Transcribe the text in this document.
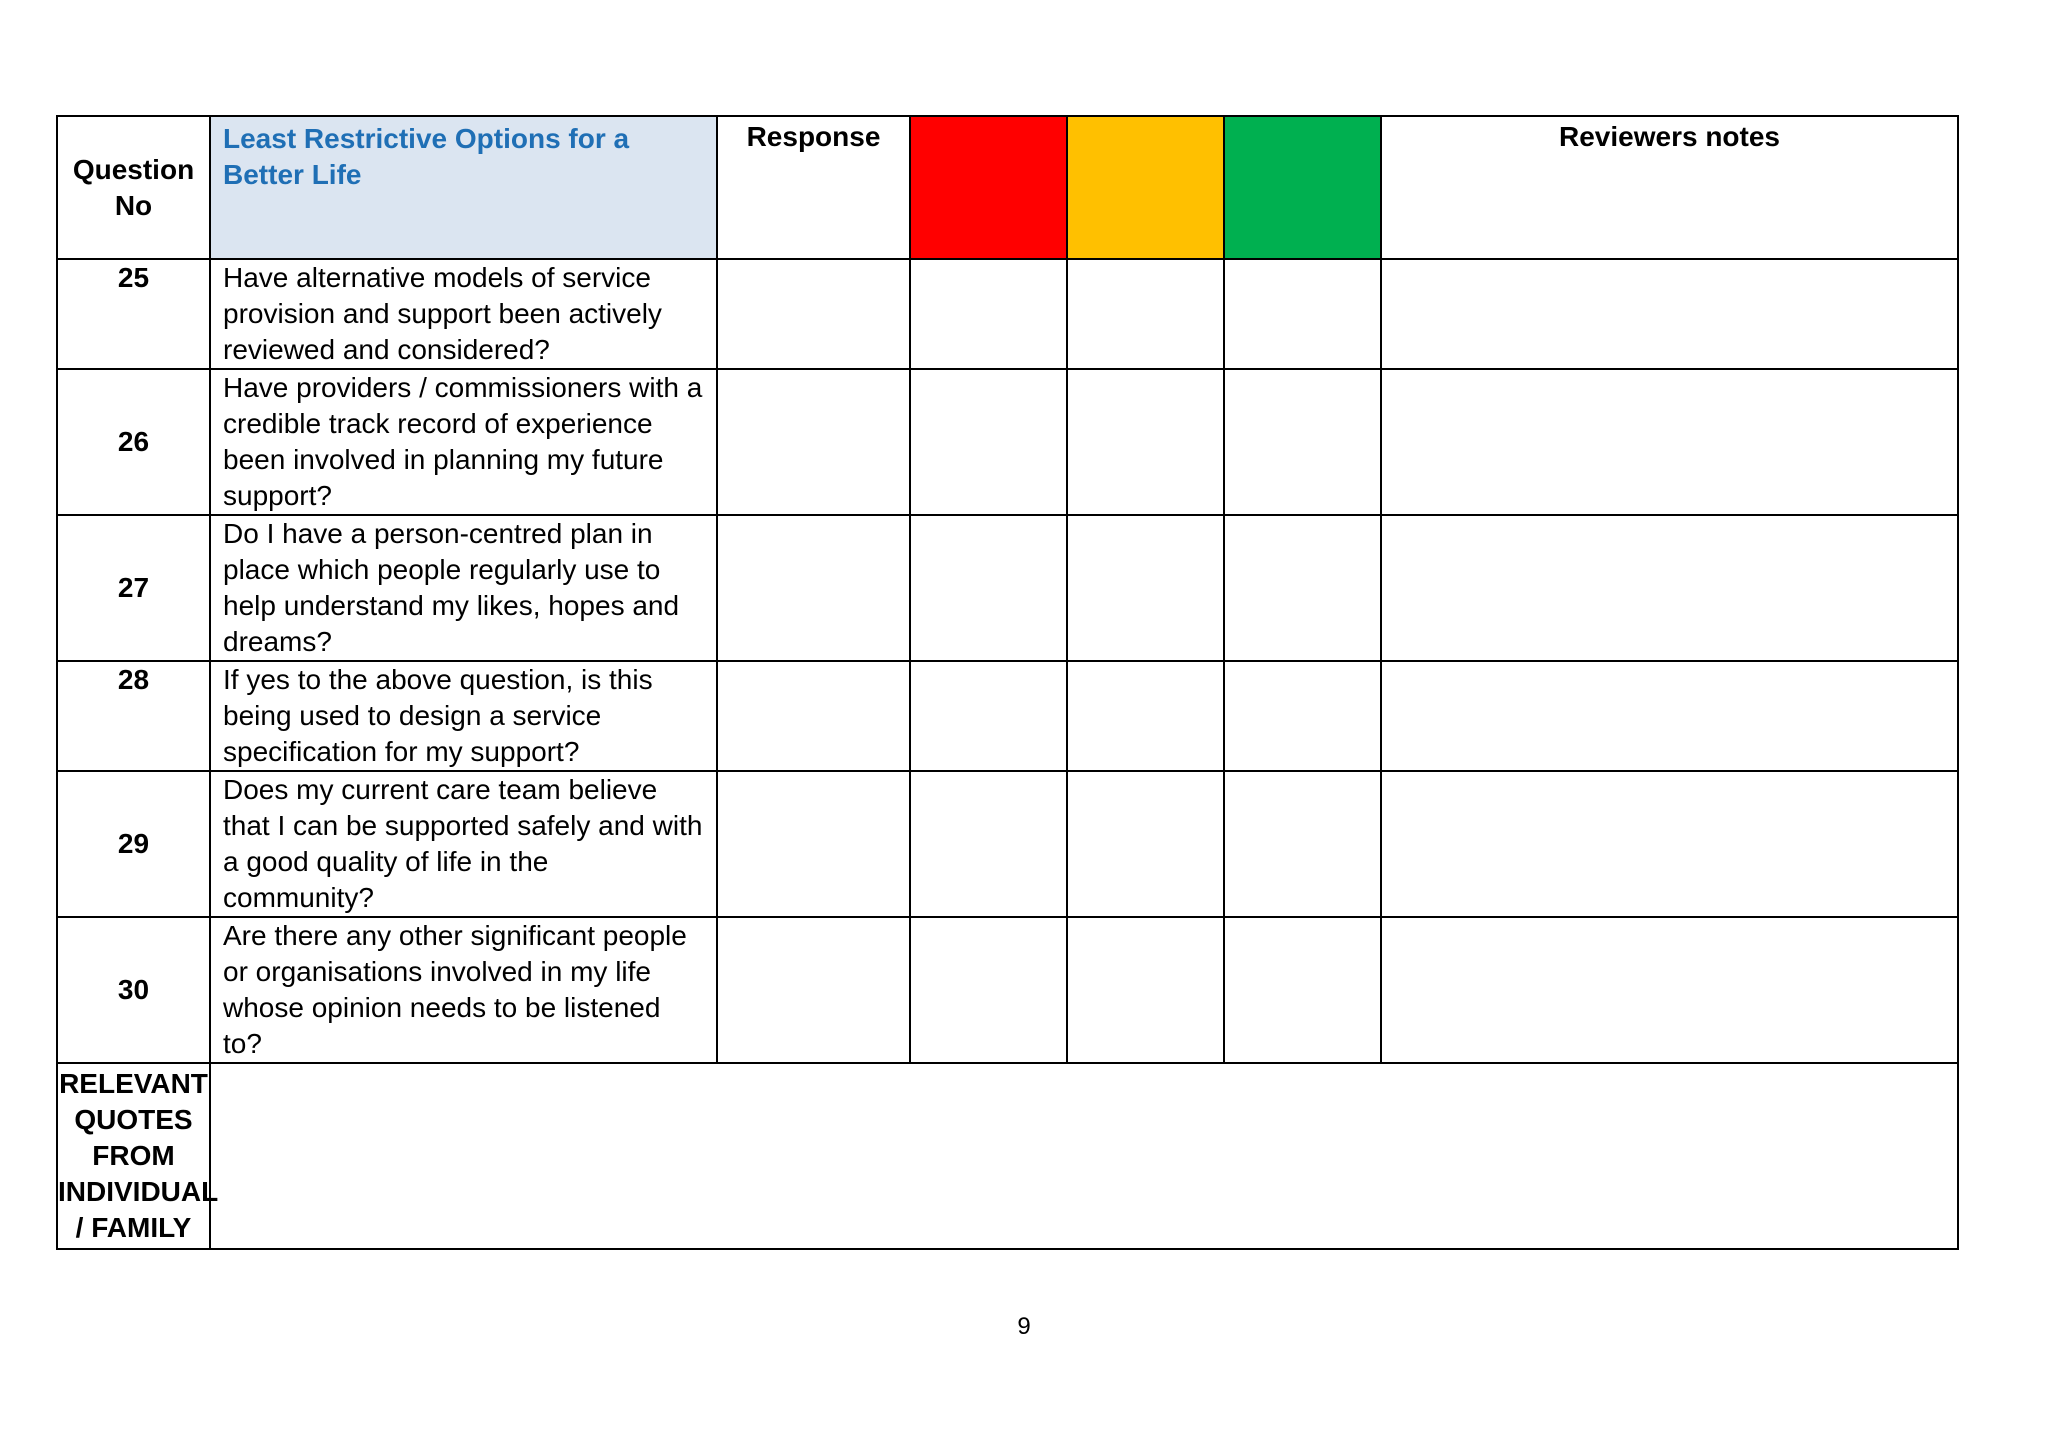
Question No	Least Restrictive Options for a Better Life	Response				Reviewers notes
25	Have alternative models of service provision and support been actively reviewed and considered?					
26	Have providers / commissioners with a credible track record of experience been involved in planning my future support?					
27	Do I have a person-centred plan in place which people regularly use to help understand my likes, hopes and dreams?					
28	If yes to the above question, is this being used to design a service specification for my support?					
29	Does my current care team believe that I can be supported safely and with a good quality of life in the community?					
30	Are there any other significant people or organisations involved in my life whose opinion needs to be listened to?					
RELEVANT QUOTES FROM INDIVIDUAL / FAMILY						
9
